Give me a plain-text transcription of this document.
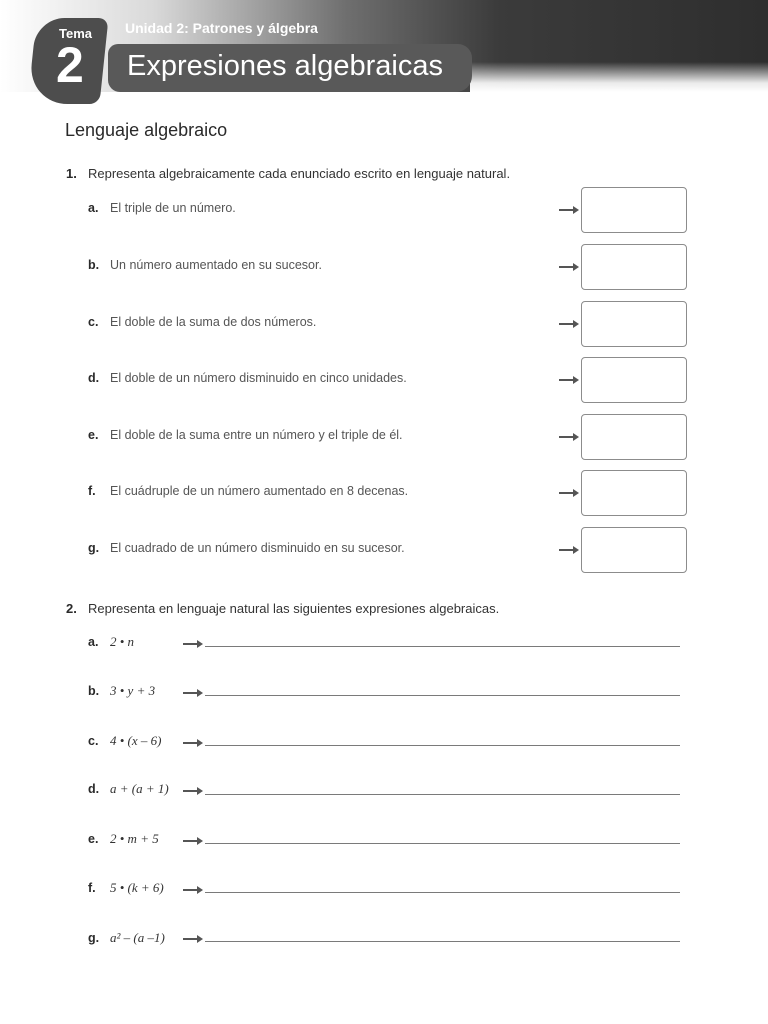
Tema
2
Unidad 2: Patrones y álgebra
Expresiones algebraicas
Lenguaje algebraico
1. Representa algebraicamente cada enunciado escrito en lenguaje natural.
a. El triple de un número.
b. Un número aumentado en su sucesor.
c. El doble de la suma de dos números.
d. El doble de un número disminuido en cinco unidades.
e. El doble de la suma entre un número y el triple de él.
f. El cuádruple de un número aumentado en 8 decenas.
g. El cuadrado de un número disminuido en su sucesor.
2. Representa en lenguaje natural las siguientes expresiones algebraicas.
a. 2 • n
b. 3 • y + 3
c. 4 • (x – 6)
d. a + (a + 1)
e. 2 • m + 5
f. 5 • (k + 6)
g. a² – (a –1)
